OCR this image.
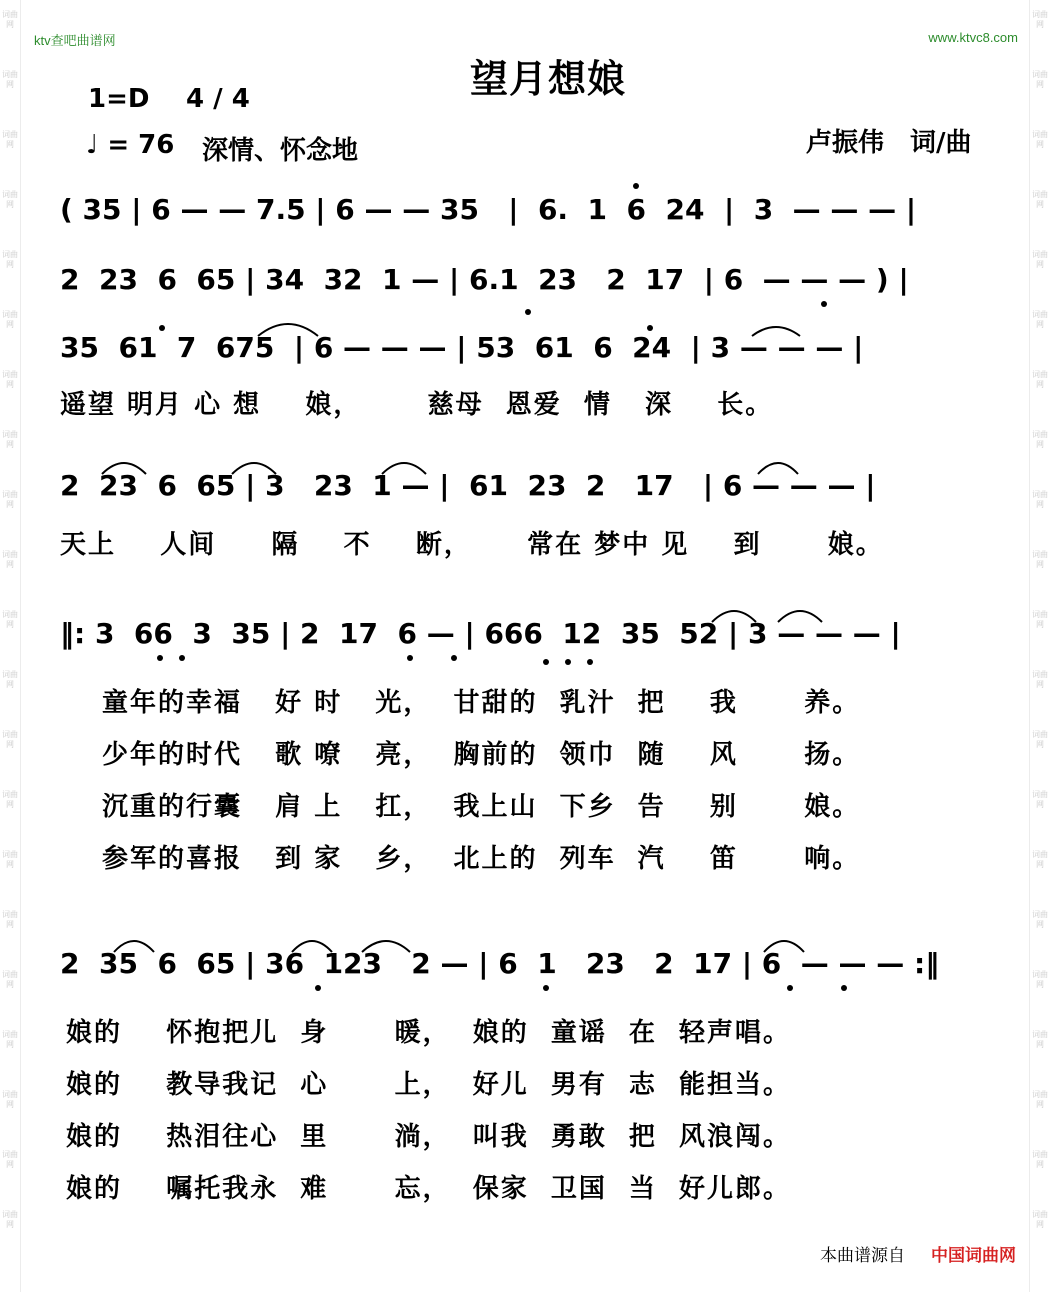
词曲网
词曲网
词曲网
词曲网
词曲网
词曲网
词曲网
词曲网
词曲网
词曲网
词曲网
词曲网
词曲网
词曲网
词曲网
词曲网
词曲网
词曲网
词曲网
词曲网
词曲网
词曲网
词曲网
词曲网
词曲网
词曲网
词曲网
词曲网
词曲网
词曲网
词曲网
词曲网
词曲网
词曲网
词曲网
词曲网
词曲网
词曲网
词曲网
词曲网
词曲网
词曲网
ktv查吧曲谱网	www.ktvc8.com
望月想娘
1=D 4 / 4
♩ = 76 深情、怀念地	卢振伟　词/曲
( 35 | 6 — — 7.5 | 6 — — 35   |  6.  1  6  24  |  3  — — — |
2  23  6  65 | 34  32  1 — | 6.1  23   2  17  | 6  — — — ) |
35  61  7  675  | 6 — — — | 53  61  6  24  | 3 — — — |
遥望 明月 心 想    娘，      慈母  恩爱  情   深    长。
2  23  6  65 | 3   23  1 — |  61  23  2   17   | 6 — — — |
天上    人间     隔    不    断，     常在 梦中 见    到      娘。
‖: 3  66  3  35 | 2  17  6 — | 666  12  35  52 | 3 — — — |
童年的幸福   好 时   光，  甘甜的  乳汁  把    我      养。
少年的时代   歌 嘹   亮，  胸前的  领巾  随    风      扬。
沉重的行囊   肩 上   扛，  我上山  下乡  告    别      娘。
参军的喜报   到 家   乡，  北上的  列车  汽    笛      响。
2  35  6  65 | 36  123   2 — | 6  1   23   2  17 | 6  — — — :‖
娘的    怀抱把儿  身      暖，  娘的  童谣  在  轻声唱。
娘的    教导我记  心      上，  好儿  男有  志  能担当。
娘的    热泪往心  里      淌，  叫我  勇敢  把  风浪闯。
娘的    嘱托我永  难      忘，  保家  卫国  当  好儿郎。
本曲谱源自 中国词曲网
